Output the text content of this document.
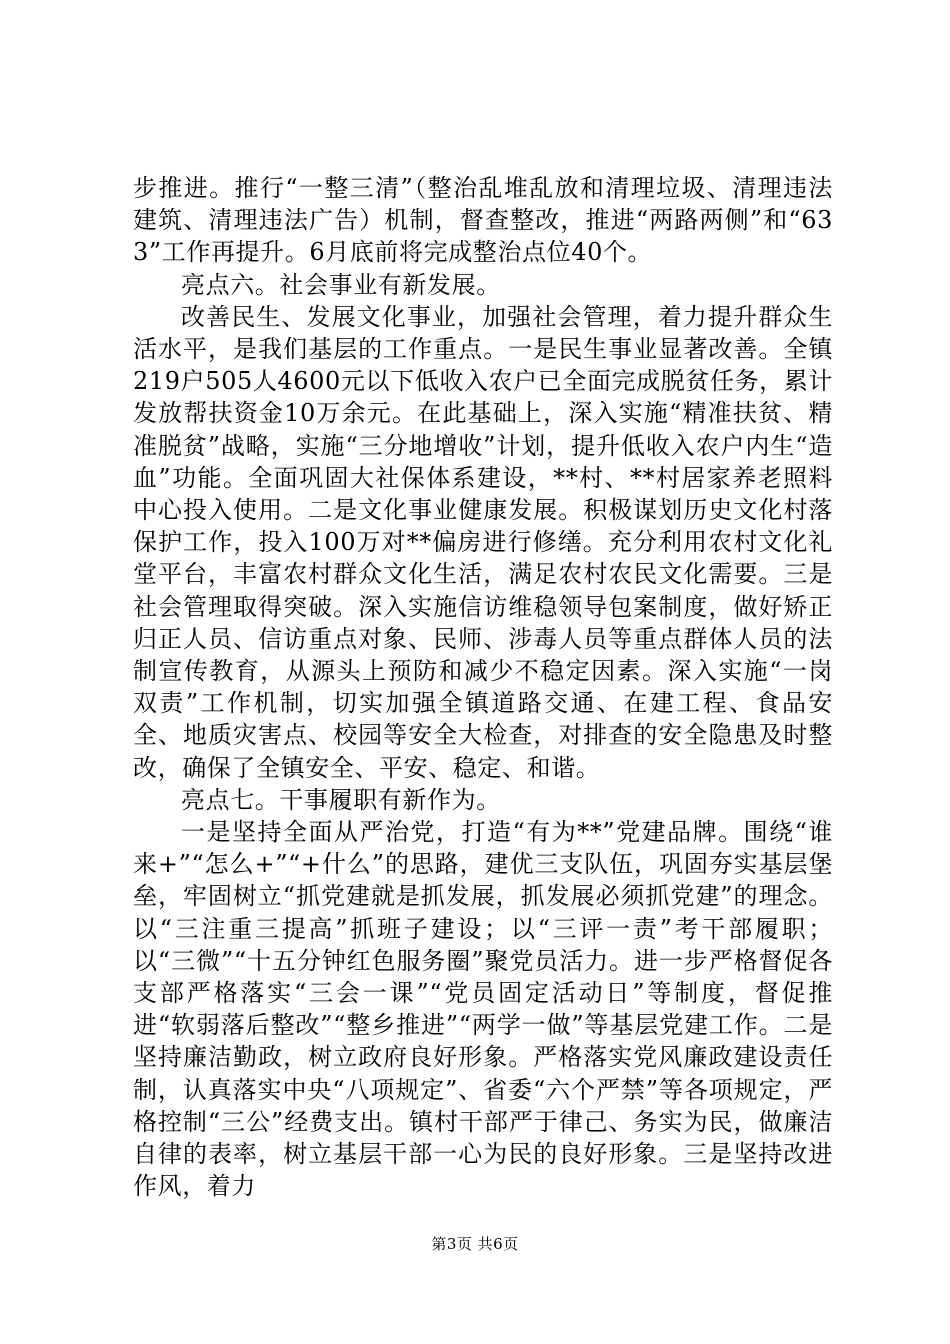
步推进。推行“一整三清”（整治乱堆乱放和清理垃圾、清理违法建筑、清理违法广告）机制，督查整改，推进“两路两侧”和“633”工作再提升。6月底前将完成整治点位40个。

亮点六。社会事业有新发展。

改善民生、发展文化事业，加强社会管理，着力提升群众生活水平，是我们基层的工作重点。一是民生事业显著改善。全镇219户505人4600元以下低收入农户已全面完成脱贫任务，累计发放帮扶资金10万余元。在此基础上，深入实施“精准扶贫、精准脱贫”战略，实施“三分地增收”计划，提升低收入农户内生“造血”功能。全面巩固大社保体系建设，**村、**村居家养老照料中心投入使用。二是文化事业健康发展。积极谋划历史文化村落保护工作，投入100万对**偏房进行修缮。充分利用农村文化礼堂平台，丰富农村群众文化生活，满足农村农民文化需要。三是社会管理取得突破。深入实施信访维稳领导包案制度，做好矫正归正人员、信访重点对象、民师、涉毒人员等重点群体人员的法制宣传教育，从源头上预防和减少不稳定因素。深入实施“一岗双责”工作机制，切实加强全镇道路交通、在建工程、食品安全、地质灾害点、校园等安全大检查，对排查的安全隐患及时整改，确保了全镇安全、平安、稳定、和谐。

亮点七。干事履职有新作为。

一是坚持全面从严治党，打造“有为**”党建品牌。围绕“谁来+”“怎么+”“+什么”的思路，建优三支队伍，巩固夯实基层堡垒，牢固树立“抓党建就是抓发展，抓发展必须抓党建”的理念。以“三注重三提高”抓班子建设；以“三评一责”考干部履职；以“三微”“十五分钟红色服务圈”聚党员活力。进一步严格督促各支部严格落实“三会一课”“党员固定活动日”等制度，督促推进“软弱落后整改”“整乡推进”“两学一做”等基层党建工作。二是坚持廉洁勤政，树立政府良好形象。严格落实党风廉政建设责任制，认真落实中央“八项规定”、省委“六个严禁”等各项规定，严格控制“三公”经费支出。镇村干部严于律己、务实为民，做廉洁自律的表率，树立基层干部一心为民的良好形象。三是坚持改进作风，着力

第3页 共6页
